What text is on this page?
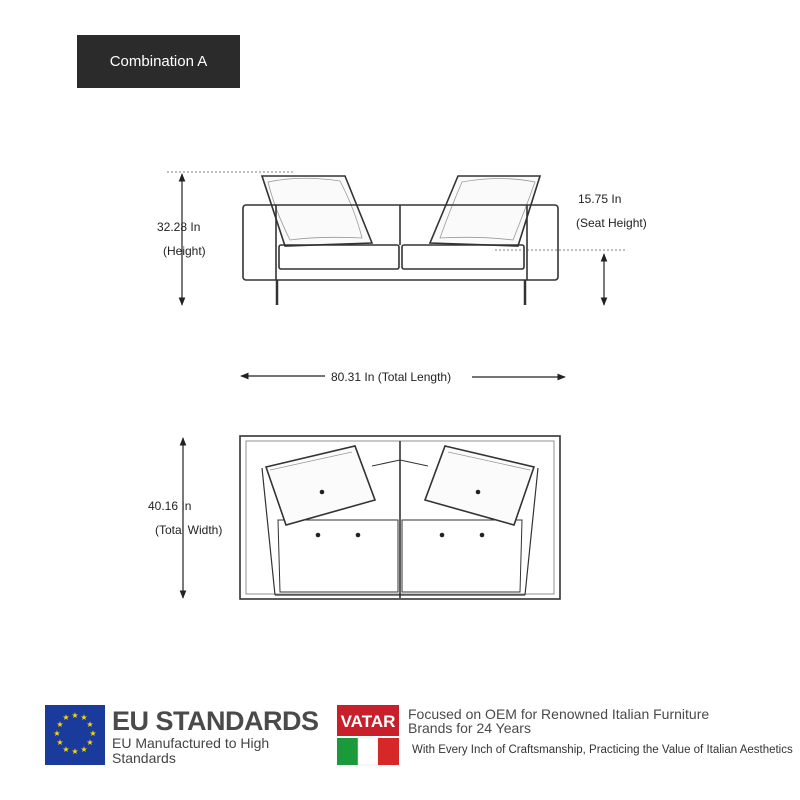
Combination A
★ ★
★
★
★
★
★
★
★
★
★
★	VATAR
32.28 In
(Height)
15.75 In
(Seat Height)
80.31 In (Total Length)
40.16 In
(Total Width)
EU STANDARDS
EU Manufactured to High Standards
Focused on OEM for Renowned Italian Furniture Brands for 24 Years
With Every Inch of Craftsmanship, Practicing the Value of Italian Aesthetics
